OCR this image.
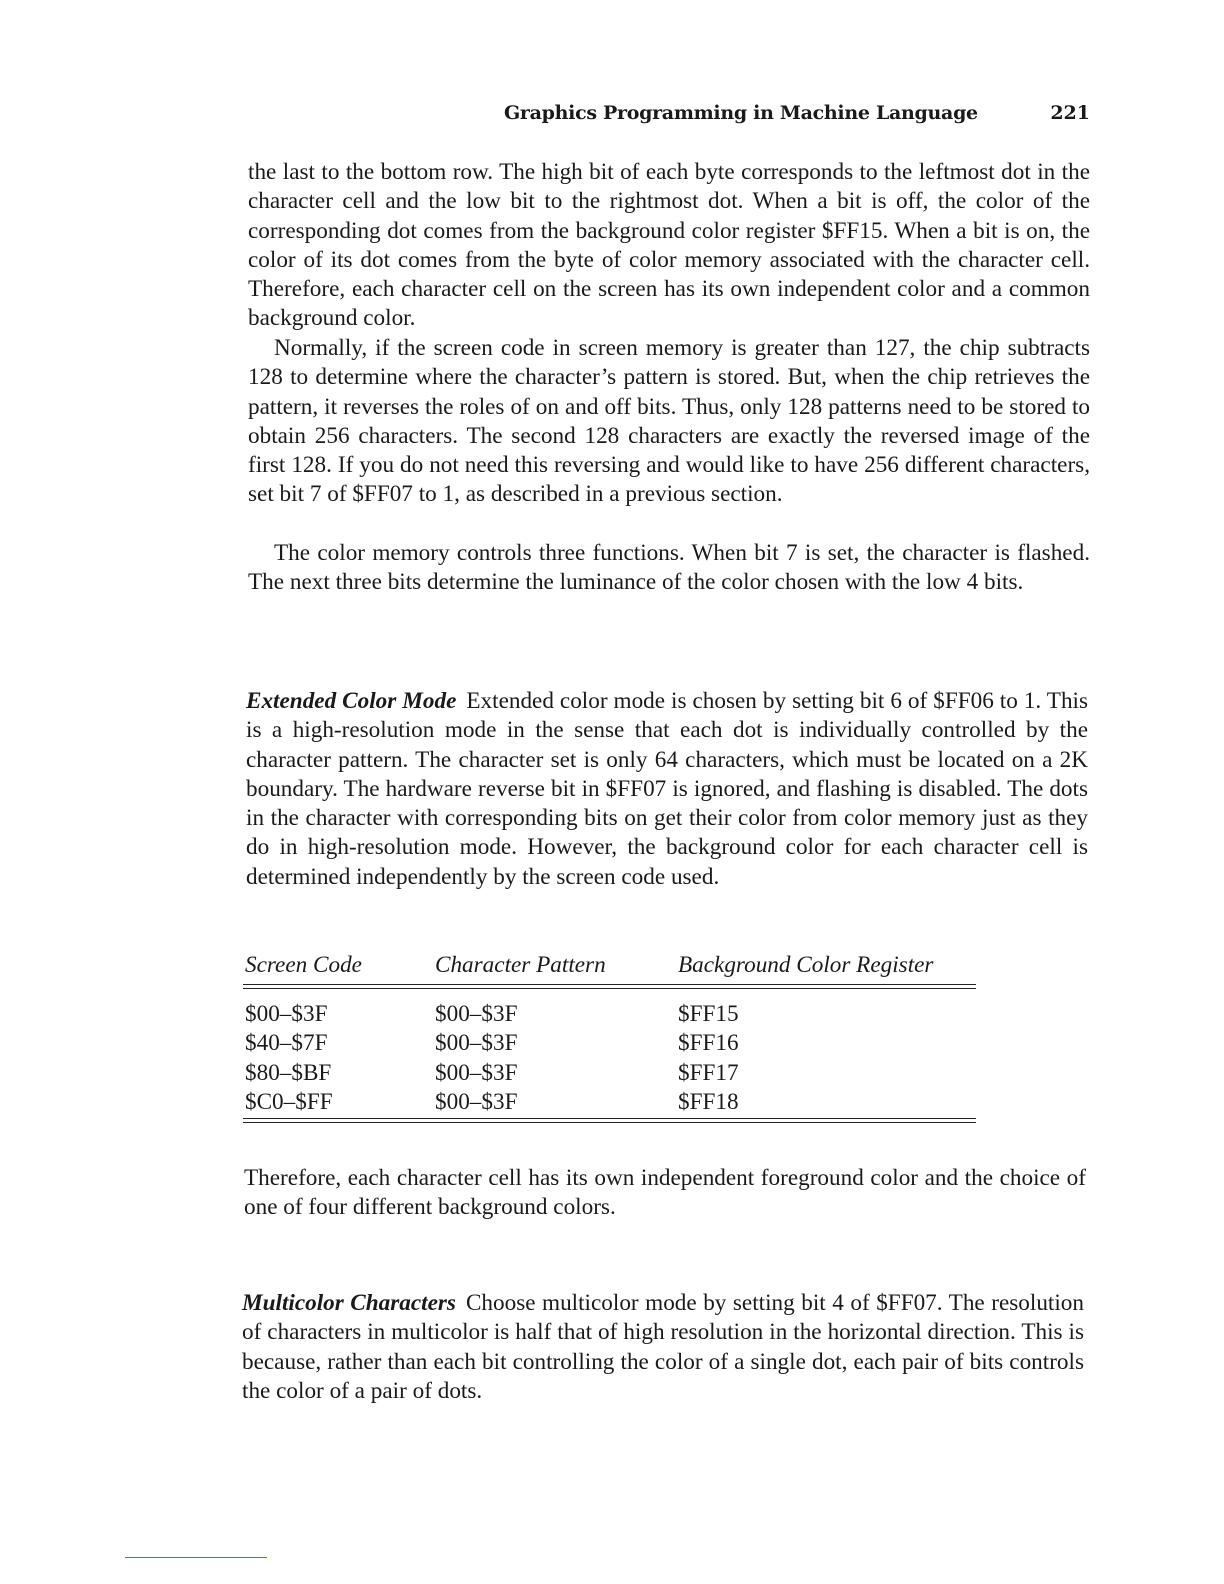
Graphics Programming in Machine Language	221

the last to the bottom row. The high bit of each byte corresponds to the leftmost dot in the character cell and the low bit to the rightmost dot. When a bit is off, the color of the corresponding dot comes from the background color register $FF15. When a bit is on, the color of its dot comes from the byte of color memory associated with the character cell. Therefore, each character cell on the screen has its own independent color and a common background color.

Normally, if the screen code in screen memory is greater than 127, the chip subtracts 128 to determine where the character’s pattern is stored. But, when the chip retrieves the pattern, it reverses the roles of on and off bits. Thus, only 128 patterns need to be stored to obtain 256 characters. The second 128 characters are exactly the reversed image of the first 128. If you do not need this reversing and would like to have 256 different characters, set bit 7 of $FF07 to 1, as described in a previous section.

The color memory controls three functions. When bit 7 is set, the character is flashed. The next three bits determine the luminance of the color chosen with the low 4 bits.

Extended Color Mode Extended color mode is chosen by setting bit 6 of $FF06 to 1. This is a high-resolution mode in the sense that each dot is individually controlled by the character pattern. The character set is only 64 characters, which must be located on a 2K boundary. The hardware reverse bit in $FF07 is ignored, and flashing is disabled. The dots in the character with corresponding bits on get their color from color memory just as they do in high-resolution mode. However, the background color for each character cell is determined independently by the screen code used.

Screen Code	Character Pattern	Background Color Register
$00–$3F	$00–$3F	$FF15
$40–$7F	$00–$3F	$FF16
$80–$BF	$00–$3F	$FF17
$C0–$FF	$00–$3F	$FF18

Therefore, each character cell has its own independent foreground color and the choice of one of four different background colors.

Multicolor Characters Choose multicolor mode by setting bit 4 of $FF07. The resolution of characters in multicolor is half that of high resolution in the horizontal direction. This is because, rather than each bit controlling the color of a single dot, each pair of bits controls the color of a pair of dots.
